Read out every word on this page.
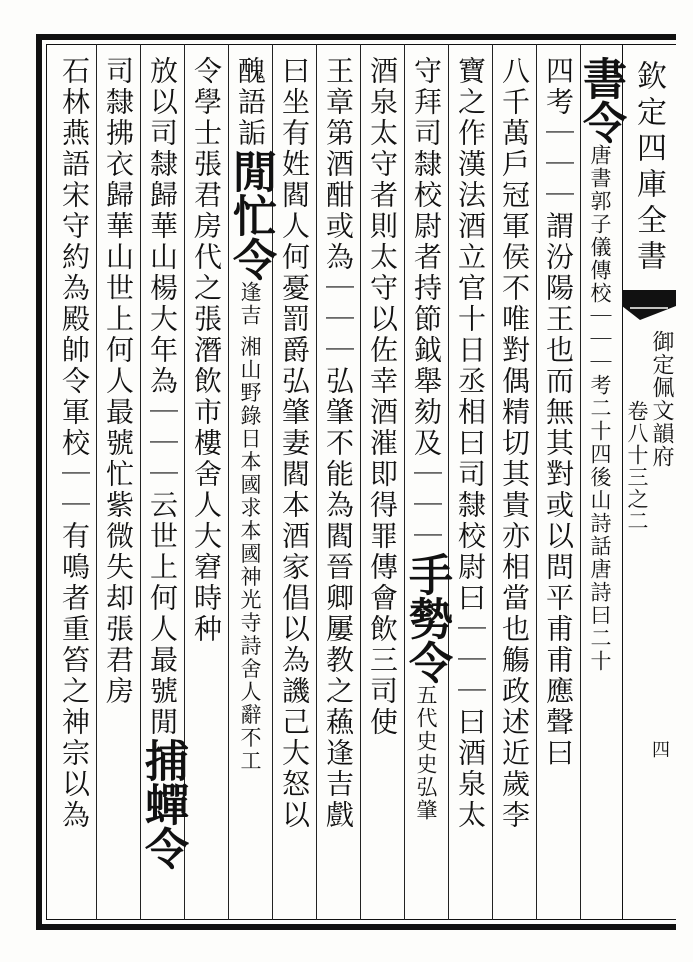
欽定四庫全書
御定佩文韻府
卷八十三之二
四
書令唐書郭子儀傳校｜｜｜考二十四後山詩話唐詩曰二十
四考｜｜｜謂汾陽王也而無其對或以問平甫甫應聲曰
八千萬戶冠軍侯不唯對偶精切其貴亦相當也觴政述近歲李
寶之作漢法酒立官十日丞相曰司隸校尉曰｜｜｜曰酒泉太
守拜司隸校尉者持節鉞舉劾及｜｜｜手勢令五代史史弘肇
酒泉太守者則太守以佐幸酒漼即得罪傳會飲三司使
王章第酒酣或為｜｜｜弘肇不能為閻晉卿屢教之蘓逢吉戲
曰坐有姓閻人何憂罰爵弘肇妻閻本酒家倡以為譏己大怒以
醜語詬閒忙令逢吉 湘山野錄日本國求本國神光寺詩舍人辭不工
令學士張君房代之張潛飲市樓舍人大窘時种
放以司隸歸華山楊大年為｜｜｜云世上何人最號閒捕蟬令
司隸拂衣歸華山世上何人最號忙紫微失却張君房
石林燕語宋守約為殿帥令軍校｜｜有鳴者重笞之神宗以為
